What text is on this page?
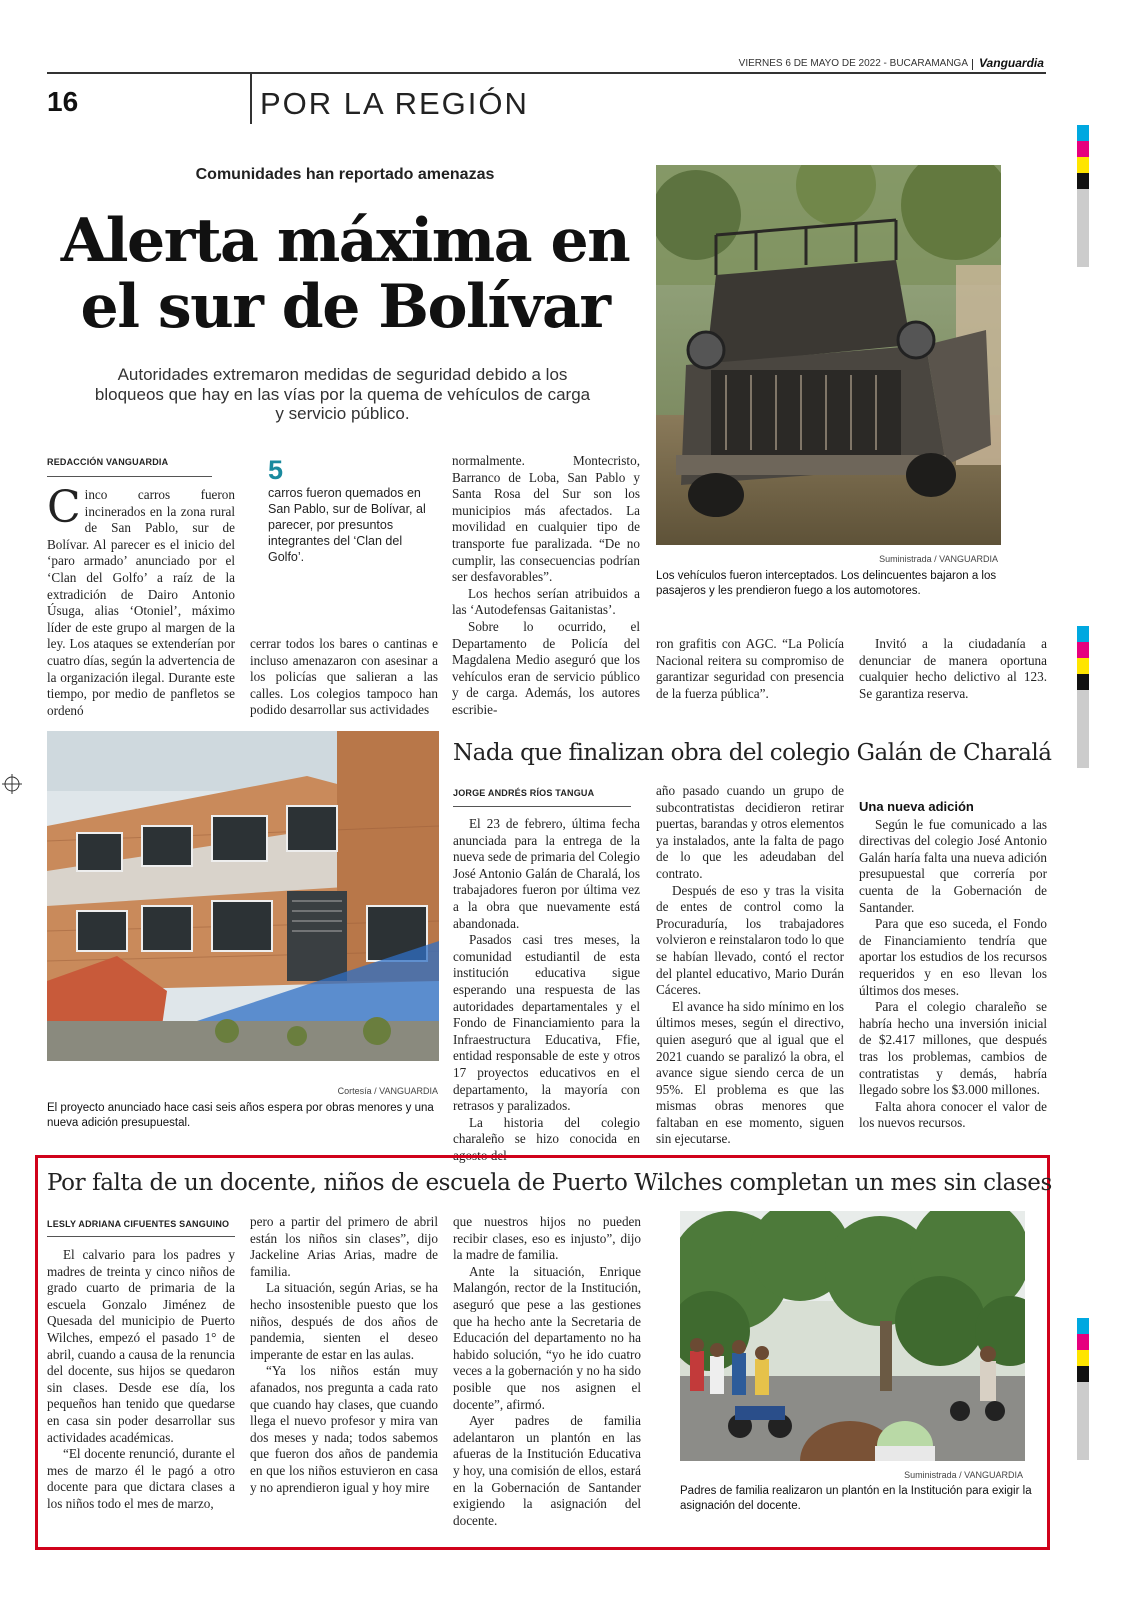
VIERNES 6 DE MAYO DE 2022 - BUCARAMANGA Vanguardia
16	POR LA REGIÓN
Comunidades han reportado amenazas
Alerta máxima en
el sur de Bolívar
Autoridades extremaron medidas de seguridad debido a los bloqueos que hay en las vías por la quema de vehículos de carga y servicio público.
REDACCIÓN VANGUARDIA
C inco carros fueron incinerados en la zona rural de San Pablo, sur de Bolívar. Al parecer es el inicio del ‘paro armado’ anunciado por el ‘Clan del Golfo’ a raíz de la extradición de Dairo Antonio Úsuga, alias ‘Otoniel’, máximo líder de este grupo al margen de la ley. Los ataques se extenderían por cuatro días, según la advertencia de la organización ilegal. Durante este tiempo, por medio de panfletos se ordenó
5
carros fueron quemados en San Pablo, sur de Bolívar, al parecer, por presuntos integrantes del ‘Clan del Golfo’.

cerrar todos los bares o cantinas e incluso amenazaron con asesinar a los policías que salieran a las calles. Los colegios tampoco han podido desarrollar sus actividades

normalmente. Montecristo, Barranco de Loba, San Pablo y Santa Rosa del Sur son los municipios más afectados. La movilidad en cualquier tipo de transporte fue paralizada. “De no cumplir, las consecuencias podrían ser desfavorables”.

Los hechos serían atribuidos a las ‘Autodefensas Gaitanistas’.

Sobre lo ocurrido, el Departamento de Policía del Magdalena Medio aseguró que los vehículos eran de servicio público y de carga. Además, los autores escribie-

Suministrada / VANGUARDIA
Los vehículos fueron interceptados. Los delincuentes bajaron a los pasajeros y les prendieron fuego a los automotores.

ron grafitis con AGC. “La Policía Nacional reitera su compromiso de garantizar seguridad con presencia de la fuerza pública”.

Invitó a la ciudadanía a denunciar de manera oportuna cualquier hecho delictivo al 123. Se garantiza reserva.

Cortesía / VANGUARDIA
El proyecto anunciado hace casi seis años espera por obras menores y una nueva adición presupuestal.
Nada que finalizan obra del colegio Galán de Charalá
JORGE ANDRÉS RÍOS TANGUA

El 23 de febrero, última fecha anunciada para la entrega de la nueva sede de primaria del Colegio José Antonio Galán de Charalá, los trabajadores fueron por última vez a la obra que nuevamente está abandonada.

Pasados casi tres meses, la comunidad estudiantil de esta institución educativa sigue esperando una respuesta de las autoridades departamentales y el Fondo de Financiamiento para la Infraestructura Educativa, Ffie, entidad responsable de este y otros 17 proyectos educativos en el departamento, la mayoría con retrasos y paralizados.

La historia del colegio charaleño se hizo conocida en agosto del

año pasado cuando un grupo de subcontratistas decidieron retirar puertas, barandas y otros elementos ya instalados, ante la falta de pago de lo que les adeudaban del contrato.

Después de eso y tras la visita de entes de control como la Procuraduría, los trabajadores volvieron e reinstalaron todo lo que se habían llevado, contó el rector del plantel educativo, Mario Durán Cáceres.

El avance ha sido mínimo en los últimos meses, según el directivo, quien aseguró que al igual que el 2021 cuando se paralizó la obra, el avance sigue siendo cerca de un 95%. El problema es que las mismas obras menores que faltaban en ese momento, siguen sin ejecutarse.

Una nueva adición

Según le fue comunicado a las directivas del colegio José Antonio Galán haría falta una nueva adición presupuestal que correría por cuenta de la Gobernación de Santander.

Para que eso suceda, el Fondo de Financiamiento tendría que aportar los estudios de los recursos requeridos y en eso llevan los últimos dos meses.

Para el colegio charaleño se habría hecho una inversión inicial de $2.417 millones, que después tras los problemas, cambios de contratistas y demás, habría llegado sobre los $3.000 millones.

Falta ahora conocer el valor de los nuevos recursos.

Por falta de un docente, niños de escuela de Puerto Wilches completan un mes sin clases
LESLY ADRIANA CIFUENTES SANGUINO

El calvario para los padres y madres de treinta y cinco niños de grado cuarto de primaria de la escuela Gonzalo Jiménez de Quesada del municipio de Puerto Wilches, empezó el pasado 1° de abril, cuando a causa de la renuncia del docente, sus hijos se quedaron sin clases. Desde ese día, los pequeños han tenido que quedarse en casa sin poder desarrollar sus actividades académicas.

“El docente renunció, durante el mes de marzo él le pagó a otro docente para que dictara clases a los niños todo el mes de marzo,

pero a partir del primero de abril están los niños sin clases”, dijo Jackeline Arias Arias, madre de familia.

La situación, según Arias, se ha hecho insostenible puesto que los niños, después de dos años de pandemia, sienten el deseo imperante de estar en las aulas.

“Ya los niños están muy afanados, nos pregunta a cada rato que cuando hay clases, que cuando llega el nuevo profesor y mira van dos meses y nada; todos sabemos que fueron dos años de pandemia en que los niños estuvieron en casa y no aprendieron igual y hoy mire

que nuestros hijos no pueden recibir clases, eso es injusto”, dijo la madre de familia.

Ante la situación, Enrique Malangón, rector de la Institución, aseguró que pese a las gestiones que ha hecho ante la Secretaria de Educación del departamento no ha habido solución, “yo he ido cuatro veces a la gobernación y no ha sido posible que nos asignen el docente”, afirmó.

Ayer padres de familia adelantaron un plantón en las afueras de la Institución Educativa y hoy, una comisión de ellos, estará en la Gobernación de Santander exigiendo la asignación del docente.

Suministrada / VANGUARDIA
Padres de familia realizaron un plantón en la Institución para exigir la asignación del docente.
